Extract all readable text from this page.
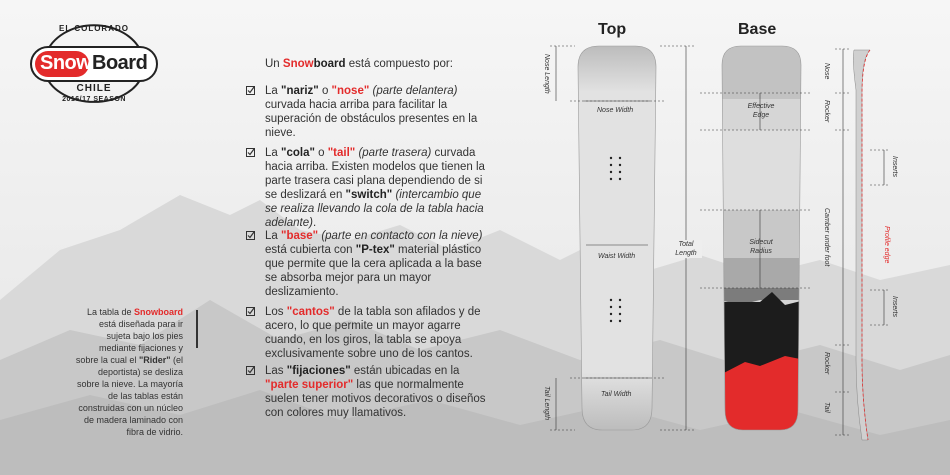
EL COLORADO
Snow Board
CHILE
2016/17 SEASON
La tabla de Snowboard está diseñada para ir sujeta bajo los pies mediante fijaciones y sobre la cual el "Rider" (el deportista) se desliza sobre la nieve. La mayoría de las tablas están construidas con un núcleo de madera laminado con fibra de vidrio.
Un Snowboard está compuesto por:
La "nariz" o "nose" (parte delantera) curvada hacia arriba para facilitar la superación de obstáculos presentes en la nieve.
La "cola" o "tail" (parte trasera) curvada hacia arriba. Existen modelos que tienen la parte trasera casi plana dependiendo de si se deslizará en "switch" (intercambio que se realiza llevando la cola de la tabla hacia adelante).
La "base" (parte en contacto con la nieve) está cubierta con "P-tex" material plástico que permite que la cera aplicada a la base se absorba mejor para un mayor deslizamiento.
Los "cantos" de la tabla son afilados y de acero, lo que permite un mayor agarre cuando, en los giros, la tabla se apoya exclusivamente sobre uno de los cantos.
Las "fijaciones" están ubicadas en la "parte superior" las que normalmente suelen tener motivos decorativos o diseños con colores muy llamativos.
Top	Base
Nose Length
Tail Length
Nose Width
Waist Width
Tail Width
Total
Length
Effective
Edge
Sidecut
Radius
Nose
Rocker
Camber under foot
Rocker
Tail
Inserts
Inserts
Profile edge
